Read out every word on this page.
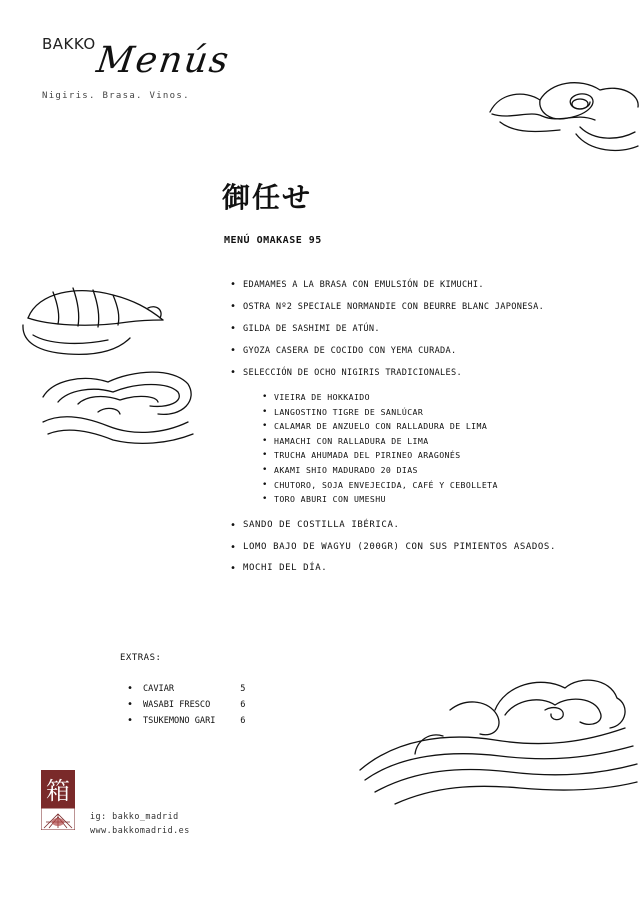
BAKKO
Menús
Nigiris. Brasa. Vinos.
御任せ
MENÚ OMAKASE 95
• EDAMAMES A LA BRASA CON EMULSIÓN DE KIMUCHI.
• OSTRA Nº2 SPECIALE NORMANDIE CON BEURRE BLANC JAPONESA.
• GILDA DE SASHIMI DE ATÚN.
• GYOZA CASERA DE COCIDO CON YEMA CURADA.
• SELECCIÓN DE OCHO NIGIRIS TRADICIONALES.
• VIEIRA DE HOKKAIDO
• LANGOSTINO TIGRE DE SANLÚCAR
• CALAMAR DE ANZUELO CON RALLADURA DE LIMA
• HAMACHI CON RALLADURA DE LIMA
• TRUCHA AHUMADA DEL PIRINEO ARAGONÉS
• AKAMI SHIO MADURADO 20 DIAS
• CHUTORO, SOJA ENVEJECIDA, CAFÉ Y CEBOLLETA
• TORO ABURI CON UMESHU
• SANDO DE COSTILLA IBÉRICA.
• LOMO BAJO DE WAGYU (200GR) CON SUS PIMIENTOS ASADOS.
• MOCHI DEL DÍA.
EXTRAS:
• CAVIAR	5
• WASABI FRESCO	6
• TSUKEMONO GARI	6
箱
ig: bakko_madrid
www.bakkomadrid.es
